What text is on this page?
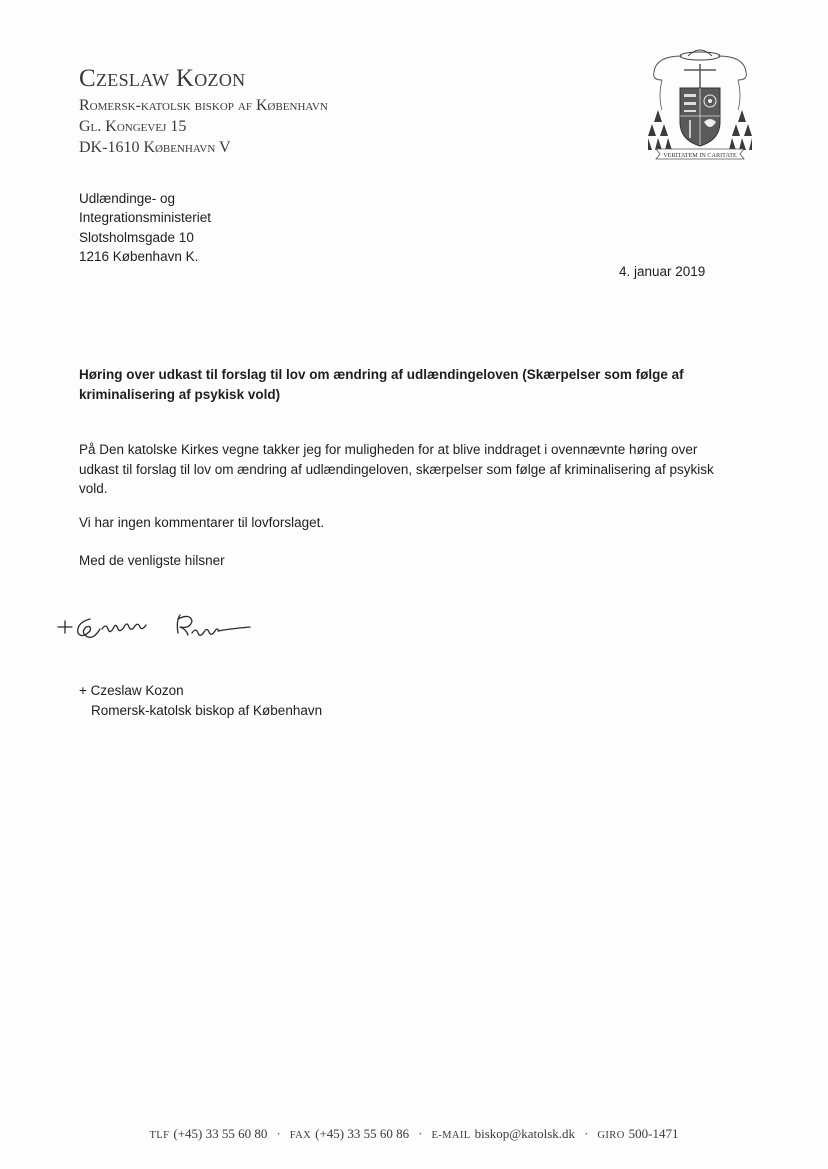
Czeslaw Kozon
Romersk-katolsk biskop af København
Gl. Kongevej 15
DK-1610 København V	VERITATEM IN CARITATE
Udlændinge- og
Integrationsministeriet
Slotsholmsgade 10
1216 København K.
4. januar 2019
Høring over udkast til forslag til lov om ændring af udlændingeloven (Skærpelser som følge af kriminalisering af psykisk vold)
På Den katolske Kirkes vegne takker jeg for muligheden for at blive inddraget i ovennævnte høring over udkast til forslag til lov om ændring af udlændingeloven, skærpelser som følge af kriminalisering af psykisk vold.
Vi har ingen kommentarer til lovforslaget.
Med de venligste hilsner
+ Czeslaw Kozon
Romersk-katolsk biskop af København
TLF (+45) 33 55 60 80 · FAX (+45) 33 55 60 86 · E-MAIL biskop@katolsk.dk · GIRO 500-1471
